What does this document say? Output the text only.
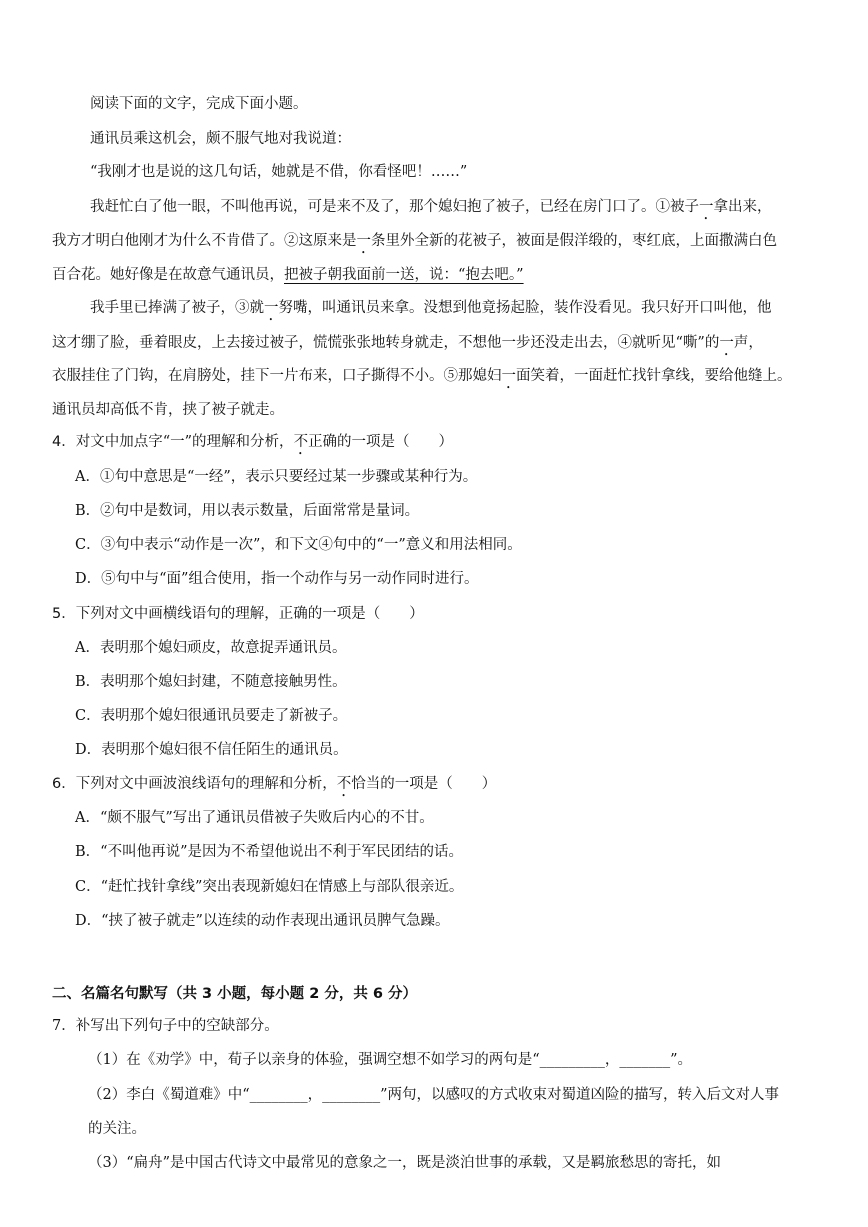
阅读下面的文字，完成下面小题。
通讯员乘这机会，颇不服气地对我说道：
“我刚才也是说的这几句话，她就是不借，你看怪吧！……”
我赶忙白了他一眼，不叫他再说，可是来不及了，那个媳妇抱了被子，已经在房门口了。①被子一拿出来，
我方才明白他刚才为什么不肯借了。②这原来是一条里外全新的花被子，被面是假洋缎的，枣红底，上面撒满白色
百合花。她好像是在故意气通讯员，把被子朝我面前一送，说：“抱去吧。”
我手里已捧满了被子，③就一努嘴，叫通讯员来拿。没想到他竟扬起脸，装作没看见。我只好开口叫他，他
这才绷了脸，垂着眼皮，上去接过被子，慌慌张张地转身就走，不想他一步还没走出去，④就听见“嘶”的一声，
衣服挂住了门钩，在肩膀处，挂下一片布来，口子撕得不小。⑤那媳妇一面笑着，一面赶忙找针拿线，要给他缝上。
通讯员却高低不肯，挟了被子就走。
4．对文中加点字“一”的理解和分析，不正确的一项是（　　）
A．①句中意思是“一经”，表示只要经过某一步骤或某种行为。
B．②句中是数词，用以表示数量，后面常常是量词。
C．③句中表示“动作是一次”，和下文④句中的“一”意义和用法相同。
D．⑤句中与“面”组合使用，指一个动作与另一动作同时进行。
5．下列对文中画横线语句的理解，正确的一项是（　　）
A．表明那个媳妇顽皮，故意捉弄通讯员。
B．表明那个媳妇封建，不随意接触男性。
C．表明那个媳妇很通讯员要走了新被子。
D．表明那个媳妇很不信任陌生的通讯员。
6．下列对文中画波浪线语句的理解和分析，不恰当的一项是（　　）
A．“颇不服气”写出了通讯员借被子失败后内心的不甘。
B．“不叫他再说”是因为不希望他说出不利于军民团结的话。
C．“赶忙找针拿线”突出表现新媳妇在情感上与部队很亲近。
D．“挟了被子就走”以连续的动作表现出通讯员脾气急躁。
二、名篇名句默写（共 3 小题，每小题 2 分，共 6 分）
7．补写出下列句子中的空缺部分。
（1）在《劝学》中，荀子以亲身的体验，强调空想不如学习的两句是“_________，_______”。
（2）李白《蜀道难》中“________，________”两句，以感叹的方式收束对蜀道凶险的描写，转入后文对人事
的关注。
（3）“扁舟”是中国古代诗文中最常见的意象之一，既是淡泊世事的承载，又是羁旅愁思的寄托，如
